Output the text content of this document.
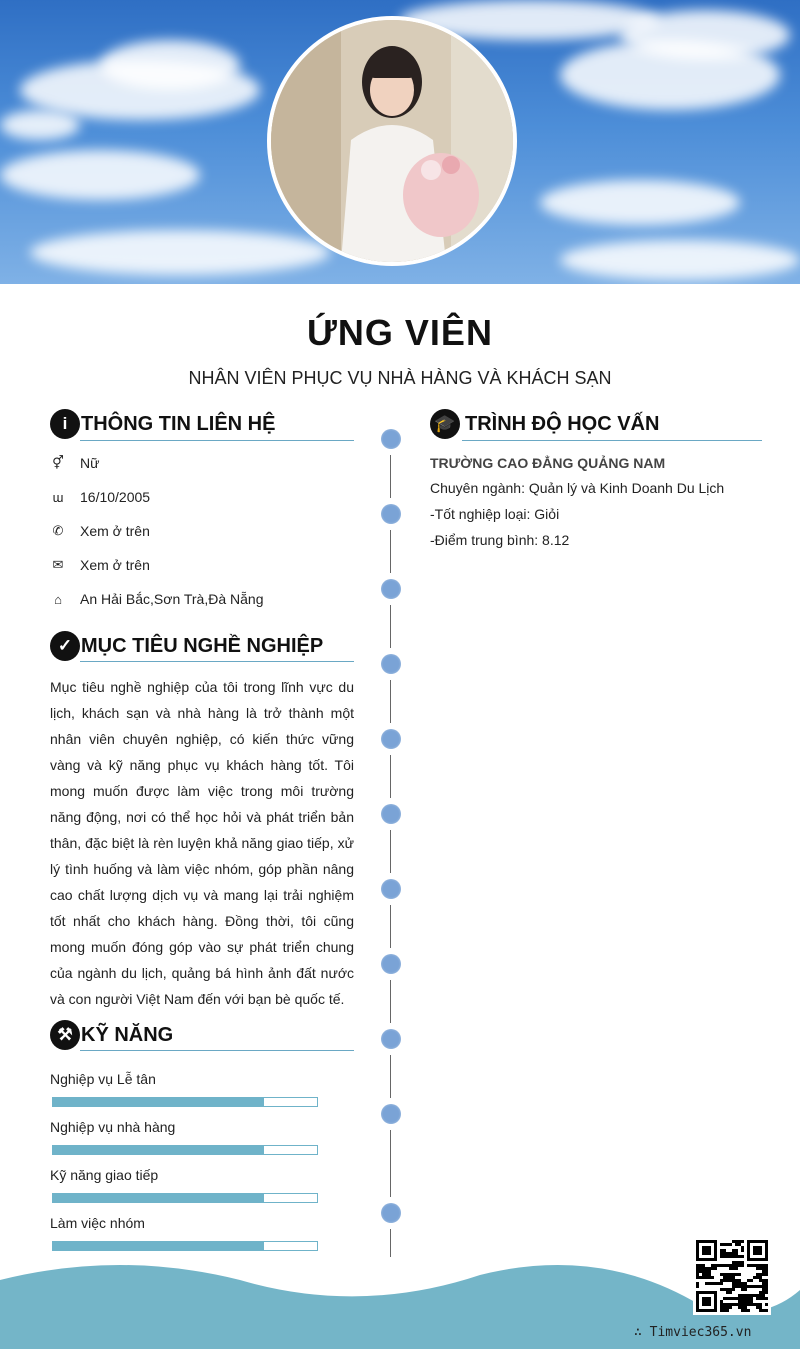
ỨNG VIÊN
NHÂN VIÊN PHỤC VỤ NHÀ HÀNG VÀ KHÁCH SẠN
i THÔNG TIN LIÊN HỆ
⚥ Nữ
ɯ 16/10/2005
✆ Xem ở trên
✉ Xem ở trên
⌂ An Hải Bắc,Sơn Trà,Đà Nẵng
✓ MỤC TIÊU NGHỀ NGHIỆP
Mục tiêu nghề nghiệp của tôi trong lĩnh vực du lịch, khách sạn và nhà hàng là trở thành một nhân viên chuyên nghiệp, có kiến thức vững vàng và kỹ năng phục vụ khách hàng tốt. Tôi mong muốn được làm việc trong môi trường năng động, nơi có thể học hỏi và phát triển bản thân, đặc biệt là rèn luyện khả năng giao tiếp, xử lý tình huống và làm việc nhóm, góp phần nâng cao chất lượng dịch vụ và mang lại trải nghiệm tốt nhất cho khách hàng. Đồng thời, tôi cũng mong muốn đóng góp vào sự phát triển chung của ngành du lịch, quảng bá hình ảnh đất nước và con người Việt Nam đến với bạn bè quốc tế.
⚒ KỸ NĂNG
Nghiệp vụ Lễ tân
Nghiệp vụ nhà hàng
Kỹ năng giao tiếp
Làm việc nhóm
🎓 TRÌNH ĐỘ HỌC VẤN
TRƯỜNG CAO ĐẲNG QUẢNG NAM
Chuyên ngành: Quản lý và Kinh Doanh Du Lịch
-Tốt nghiệp loại: Giỏi
-Điểm trung bình: 8.12
∴ Timviec365.vn
